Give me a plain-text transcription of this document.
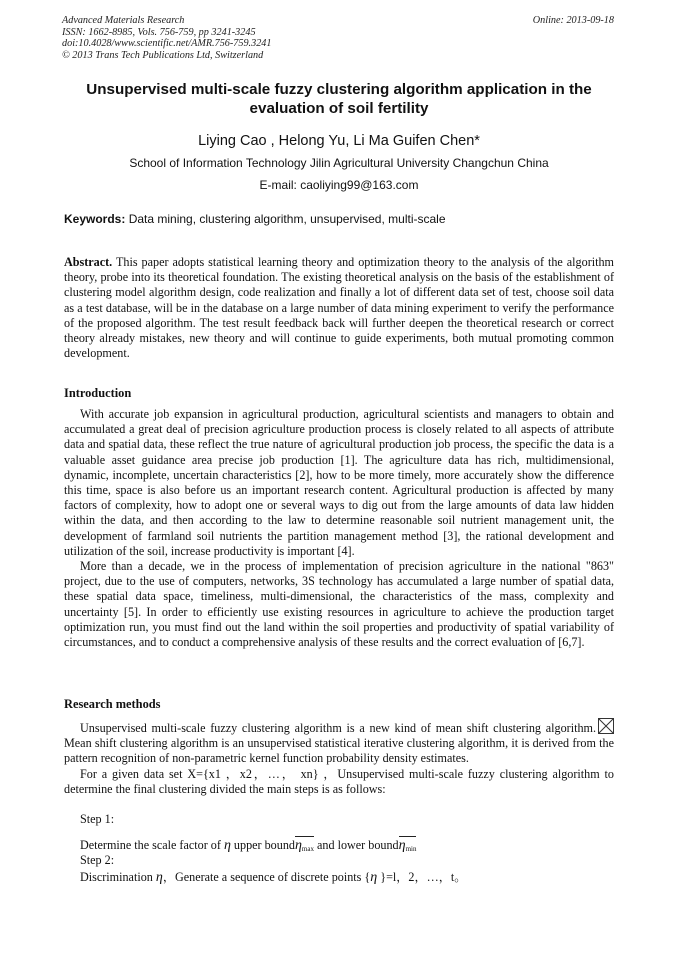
Advanced Materials Research
ISSN: 1662-8985, Vols. 756-759, pp 3241-3245
doi:10.4028/www.scientific.net/AMR.756-759.3241
© 2013 Trans Tech Publications Ltd, Switzerland
Online: 2013-09-18
Unsupervised multi-scale fuzzy clustering algorithm application in the
evaluation of soil fertility
Liying Cao , Helong Yu, Li Ma Guifen Chen*
School of Information Technology Jilin Agricultural University Changchun China
E-mail: caoliying99@163.com
Keywords: Data mining, clustering algorithm, unsupervised, multi-scale
Abstract. This paper adopts statistical learning theory and optimization theory to the analysis of the algorithm theory, probe into its theoretical foundation. The existing theoretical analysis on the basis of the establishment of clustering model algorithm design, code realization and finally a lot of different data set of test, choose soil data as a test database, will be in the database on a large number of data mining experiment to verify the performance of the proposed algorithm. The test result feedback back will further deepen the theoretical research or correct theory already mistakes, new theory and will continue to guide experiments, both mutual promoting common development.
Introduction

With accurate job expansion in agricultural production, agricultural scientists and managers to obtain and accumulated a great deal of precision agriculture production process is closely related to all aspects of attribute data and spatial data, these reflect the true nature of agricultural production job process, the specific the data is a valuable asset guidance area precise job production [1]. The agriculture data has rich, multidimensional, dynamic, incomplete, uncertain characteristics [2], how to be more timely, more accurately show the difference this time, space is also before us an important research content. Agricultural production is affected by many factors of complexity, how to adopt one or several ways to dig out from the large amounts of data law hidden within the data, and then according to the law to determine reasonable soil nutrient management unit, the development of farmland soil nutrients the partition management method [3], the rational development and utilization of the soil, increase productivity is important [4].

More than a decade, we in the process of implementation of precision agriculture in the national "863" project, due to the use of computers, networks, 3S technology has accumulated a large number of spatial data, these spatial data space, timeliness, multi-dimensional, the characteristics of the mass, complexity and uncertainty [5]. In order to efficiently use existing resources in agriculture to achieve the production target optimization run, you must find out the land within the soil properties and productivity of spatial variability of circumstances, and to conduct a comprehensive analysis of these results and the correct evaluation of [6,7].

Research methods

Unsupervised multi-scale fuzzy clustering algorithm is a new kind of mean shift clustering algorithm.
Mean shift clustering algorithm is an unsupervised statistical iterative clustering algorithm, it is derived from the pattern recognition of non-parametric kernel function probability density estimates.

For a given data set X={x1 ，x2，…， xn} ，Unsupervised multi-scale fuzzy clustering algorithm to determine the final clustering divided the main steps is as follows:

Step 1:
Determine the scale factor of η upper boundη$_{max}$ and lower boundη$_{min}$
Step 2:
Discrimination η，Generate a sequence of discrete points {η }=l，2，…，t。
